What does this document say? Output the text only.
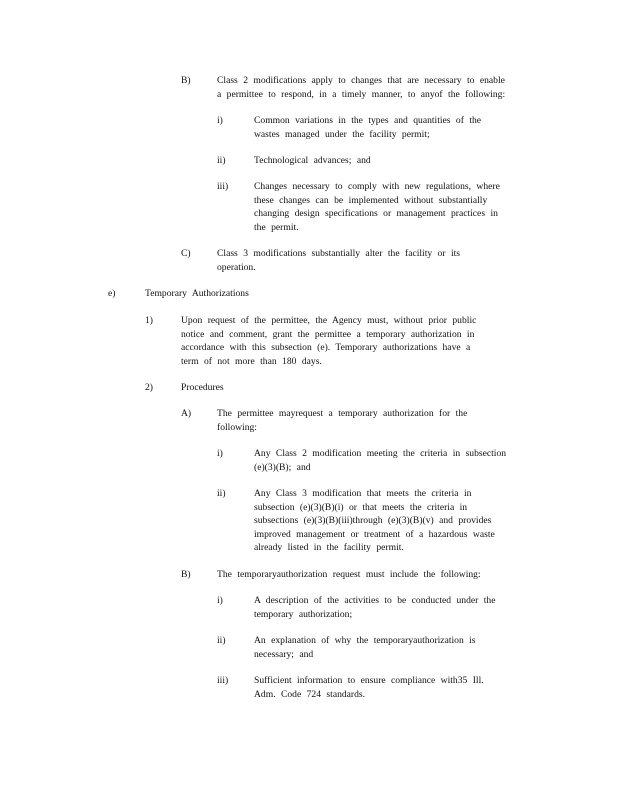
B)	Class 2 modifications apply to changes that are necessary to enable
a permittee to respond, in a timely manner, to anyof the following:
i)	Common variations in the types and quantities of the
wastes managed under the facility permit;
ii)	Technological advances; and
iii)	Changes necessary to comply with new regulations, where
these changes can be implemented without substantially
changing design specifications or management practices in
the permit.
C)	Class 3 modifications substantially alter the facility or its
operation.
e)	Temporary Authorizations
1)	Upon request of the permittee, the Agency must, without prior public
notice and comment, grant the permittee a temporary authorization in
accordance with this subsection (e). Temporary authorizations have a
term of not more than 180 days.
2)	Procedures
A)	The permittee mayrequest a temporary authorization for the
following:
i)	Any Class 2 modification meeting the criteria in subsection
(e)(3)(B); and
ii)	Any Class 3 modification that meets the criteria in
subsection (e)(3)(B)(i) or that meets the criteria in
subsections (e)(3)(B)(iii)through (e)(3)(B)(v) and provides
improved management or treatment of a hazardous waste
already listed in the facility permit.
B)	The temporaryauthorization request must include the following:
i)	A description of the activities to be conducted under the
temporary authorization;
ii)	An explanation of why the temporaryauthorization is
necessary; and
iii)	Sufficient information to ensure compliance with35 Ill.
Adm. Code 724 standards.
